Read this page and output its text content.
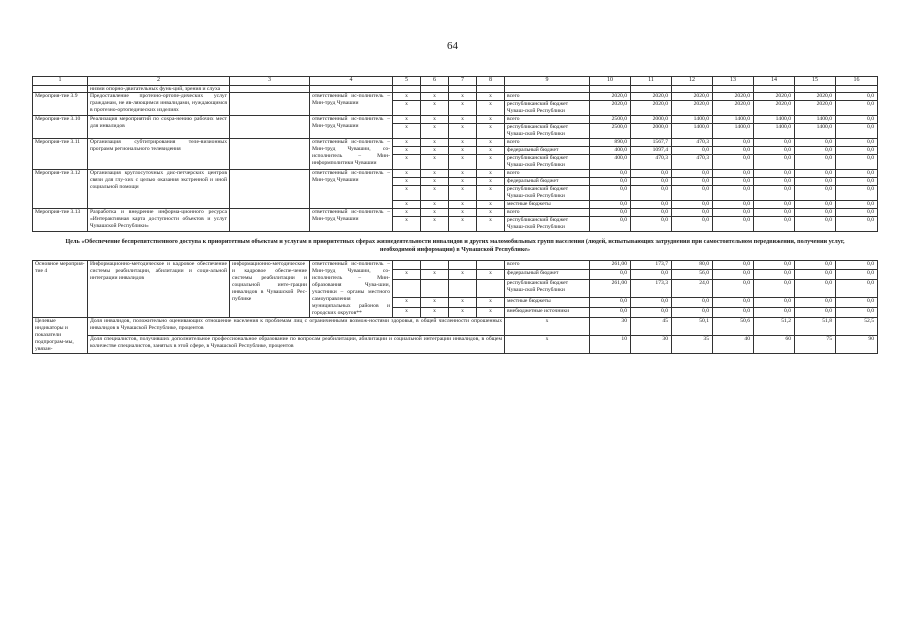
64
1	2	3	4	5	6	7	8	9	10	11	12	13	14	15	16
	низми опорно-двигательных функ-ций, зрения и слуха														
Мероприя-тие 3.9	Предоставление протезно-ортопе-дических услуг гражданам, не яв-ляющимся инвалидами, нуждающимся в протезно-ортопедических изделиях		ответственный ис-полнитель – Мин-труд Чувашии	x	x	x	x	всего	2020,0	2020,0	2020,0	2020,0	2020,0	2020,0	0,0
				x	x	x	x	республиканский бюджет Чуваш-ской Республики	2020,0	2020,0	2020,0	2020,0	2020,0	2020,0	0,0
Мероприя-тие 3.10	Реализация мероприятий по сохра-нению рабочих мест для инвалидов		ответственный ис-полнитель – Мин-труд Чувашии	x	x	x	x	всего	2500,0	2000,0	1400,0	1400,0	1400,0	1400,0	0,0
				x	x	x	x	республиканский бюджет Чуваш-ской Республики	2500,0	2000,0	1400,0	1400,0	1400,0	1400,0	0,0
Мероприя-тие 3.11	Организация субтитрирования теле-визионных программ регионального телевидения		ответственный ис-полнитель – Мин-труд Чувашии, со-исполнитель – Мин-информполитики Чувашии	x	x	x	x	всего	890,0	1567,7	470,3	0,0	0,0	0,0	0,0
				x	x	x	x	федеральный бюджет	400,0	1097,4	0,0	0,0	0,0	0,0	0,0
				x	x	x	x	республиканский бюджет Чуваш-ской Республики	400,0	470,3	470,3	0,0	0,0	0,0	0,0
Мероприя-тие 3.12	Организация круглосуточных дис-петчерских центров связи для глу-хих с целью оказания экстренной и иной социальной помощи		ответственный ис-полнитель – Мин-труд Чувашии	x	x	x	x	всего	0,0	0,0	0,0	0,0	0,0	0,0	0,0
				x	x	x	x	федеральный бюджет	0,0	0,0	0,0	0,0	0,0	0,0	0,0
				x	x	x	x	республиканский бюджет Чуваш-ской Республики	0,0	0,0	0,0	0,0	0,0	0,0	0,0
				x	x	x	x	местные бюджеты	0,0	0,0	0,0	0,0	0,0	0,0	0,0
Мероприя-тие 3.13	Разработка и внедрение информа-ционного ресурса «Интерактивная карта доступности объектов и услуг Чувашской Республики»		ответственный ис-полнитель – Мин-труд Чувашии	x	x	x	x	всего	0,0	0,0	0,0	0,0	0,0	0,0	0,0
				x	x	x	x	республиканский бюджет Чуваш-ской Республики	0,0	0,0	0,0	0,0	0,0	0,0	0,0
Цель «Обеспечение беспрепятственного доступа к приоритетным объектам и услугам в приоритетных сферах жизнедеятельности инвалидов и других маломобильных групп населения (людей, испытывающих затруднения при самостоятельном передвижении, получении услуг, необходимой информации) в Чувашской Республике»															
Основное мероприя-тие 4	Информационно-методическое и кадровое обеспечение системы реабилитации, абилитации и соци-альной интеграции инвалидов	информационно-методическое и кадровое обеспе-чение системы реабилитации и социальной инте-грации инвалидов в Чувашской Рес-публике	ответственный ис-полнитель – Мин-труд Чувашии, со-исполнитель – Мин-образования Чува-шии, участники – органы местного самоуправления муниципальных районов и городских округов**					всего	261,00	173,7	80,0	0,0	0,0	0,0	0,0
				x	x	x	x	федеральный бюджет	0,0	0,0	56,0	0,0	0,0	0,0	0,0
								республиканский бюджет Чуваш-ской Республики	261,00	173,3	24,0	0,0	0,0	0,0	0,0
				x	x	x	x	местные бюджеты	0,0	0,0	0,0	0,0	0,0	0,0	0,0
				x	x	x	x	внебюджетные источники	0,0	0,0	0,0	0,0	0,0	0,0	0,0
Целевые индикаторы и показатели подпрограм-мы, увязан-	Доля инвалидов, положительно оценивающих отношение населения к проблемам лиц с ограниченными возмож-ностями здоровья, в общей численности опрошенных инвалидов в Чувашской Республике, процентов							x	30	45	50,1	50,6	51,2	51,8	52,5
	Доля специалистов, получивших дополнительное профессиональное образование по вопросам реабилитации, абилитации и социальной интеграции инвалидов, в общем количестве специалистов, занятых в этой сфере, в Чувашской Республике, процентов							x	10	30	35	40	60	75	90
